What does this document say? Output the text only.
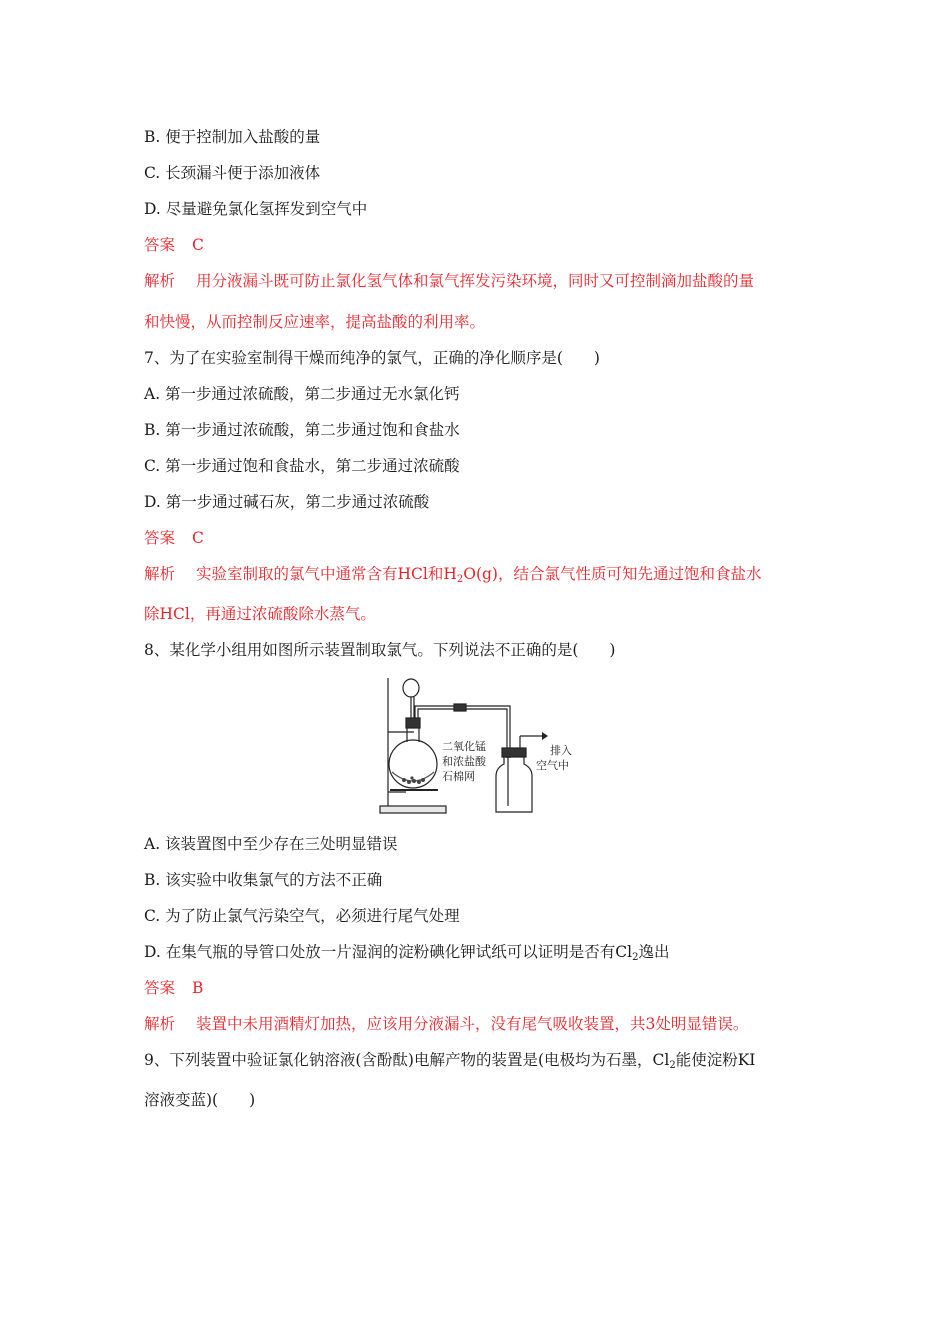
B. 便于控制加入盐酸的量
C. 长颈漏斗便于添加液体
D. 尽量避免氯化氢挥发到空气中
答案 C
解析 用分液漏斗既可防止氯化氢气体和氯气挥发污染环境，同时又可控制滴加盐酸的量
和快慢，从而控制反应速率，提高盐酸的利用率。
7、为了在实验室制得干燥而纯净的氯气，正确的净化顺序是(　　)
A. 第一步通过浓硫酸，第二步通过无水氯化钙
B. 第一步通过浓硫酸，第二步通过饱和食盐水
C. 第一步通过饱和食盐水，第二步通过浓硫酸
D. 第一步通过碱石灰，第二步通过浓硫酸
答案 C
解析 实验室制取的氯气中通常含有HCl和$H_2O(g)$，结合氯气性质可知先通过饱和食盐水
除HCl，再通过浓硫酸除水蒸气。
8、某化学小组用如图所示装置制取氯气。下列说法不正确的是(　　)
二氧化锰
和浓盐酸
石棉网
排入
空气中
A. 该装置图中至少存在三处明显错误
B. 该实验中收集氯气的方法不正确
C. 为了防止氯气污染空气，必须进行尾气处理
D. 在集气瓶的导管口处放一片湿润的淀粉碘化钾试纸可以证明是否有$Cl_2$逸出
答案 B
解析 装置中未用酒精灯加热，应该用分液漏斗，没有尾气吸收装置，共3处明显错误。
9、下列装置中验证氯化钠溶液(含酚酞)电解产物的装置是(电极均为石墨，$Cl_2$能使淀粉KI
溶液变蓝)(　　)
